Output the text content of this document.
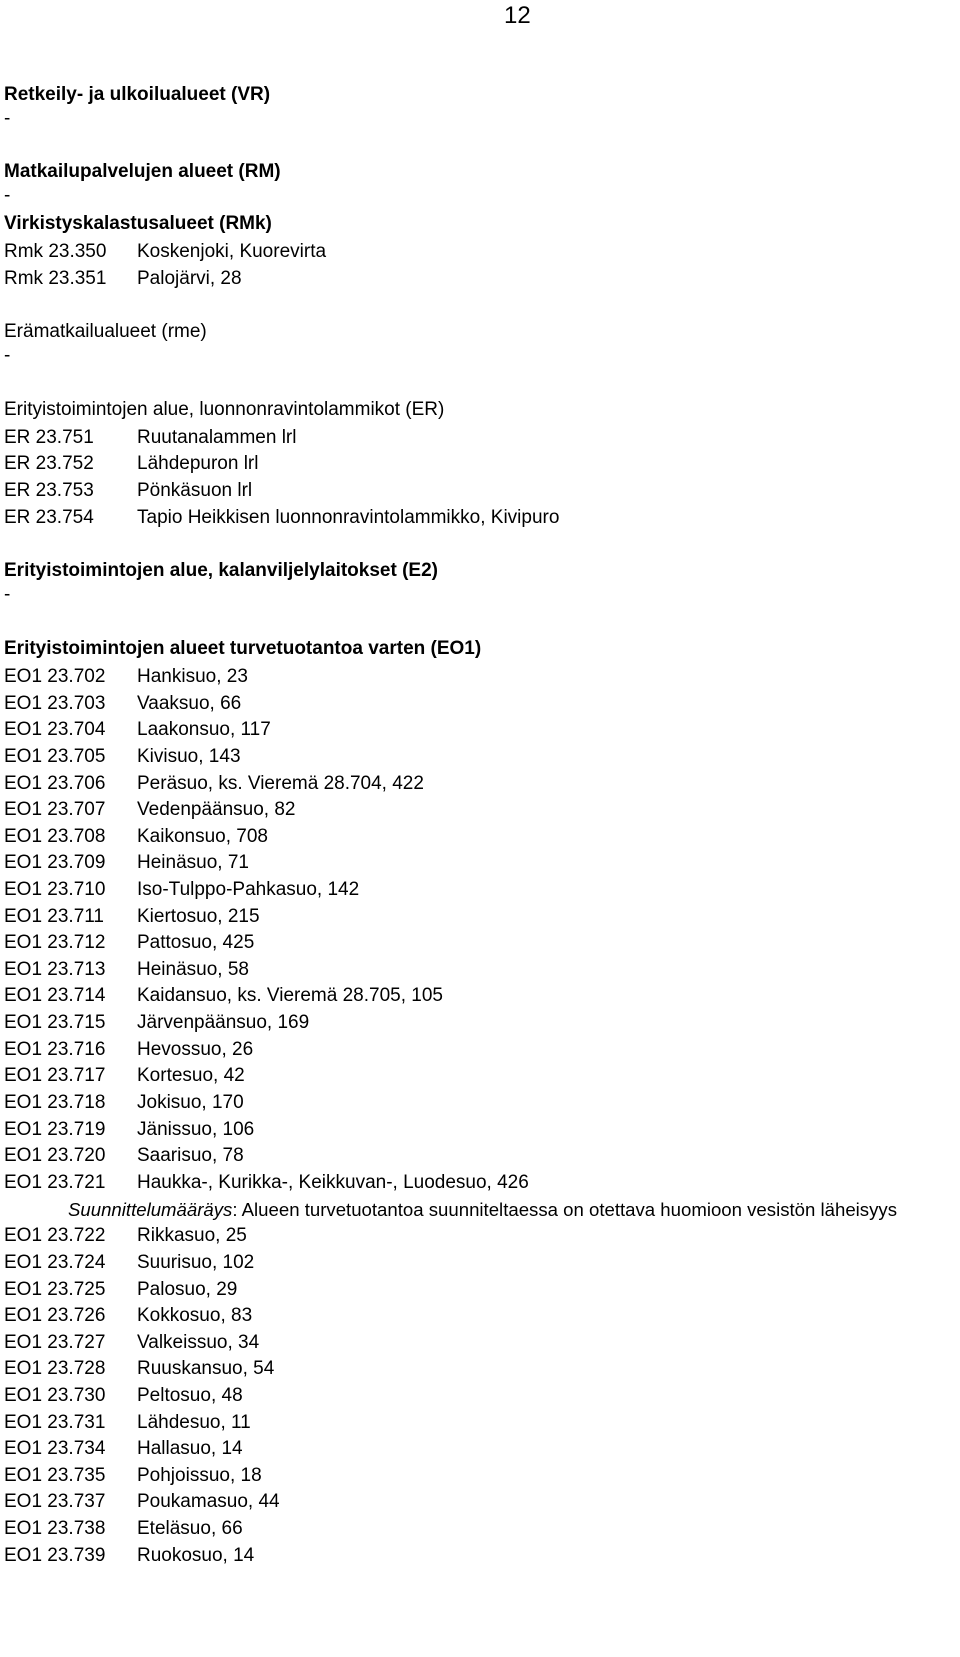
12
Retkeily- ja ulkoilualueet (VR)
-
Matkailupalvelujen alueet (RM)
-
Virkistyskalastusalueet (RMk)
Rmk 23.350 Koskenjoki, Kuorevirta
Rmk 23.351 Palojärvi, 28
Erämatkailualueet (rme)
-
Erityistoimintojen alue, luonnonravintolammikot (ER)
ER 23.751 Ruutanalammen lrl
ER 23.752 Lähdepuron lrl
ER 23.753 Pönkäsuon lrl
ER 23.754 Tapio Heikkisen luonnonravintolammikko, Kivipuro
Erityistoimintojen alue, kalanviljelylaitokset (E2)
-
Erityistoimintojen alueet turvetuotantoa varten (EO1)
EO1 23.702 Hankisuo, 23
EO1 23.703 Vaaksuo, 66
EO1 23.704 Laakonsuo, 117
EO1 23.705 Kivisuo, 143
EO1 23.706 Peräsuo, ks. Vieremä 28.704, 422
EO1 23.707 Vedenpäänsuo, 82
EO1 23.708 Kaikonsuo, 708
EO1 23.709 Heinäsuo, 71
EO1 23.710 Iso-Tulppo-Pahkasuo, 142
EO1 23.711 Kiertosuo, 215
EO1 23.712 Pattosuo, 425
EO1 23.713 Heinäsuo, 58
EO1 23.714 Kaidansuo, ks. Vieremä 28.705, 105
EO1 23.715 Järvenpäänsuo, 169
EO1 23.716 Hevossuo, 26
EO1 23.717 Kortesuo, 42
EO1 23.718 Jokisuo, 170
EO1 23.719 Jänissuo, 106
EO1 23.720 Saarisuo, 78
EO1 23.721 Haukka-, Kurikka-, Keikkuvan-, Luodesuo, 426
Suunnittelumääräys: Alueen turvetuotantoa suunniteltaessa on otettava huomioon vesistön läheisyys
EO1 23.722 Rikkasuo, 25
EO1 23.724 Suurisuo, 102
EO1 23.725 Palosuo, 29
EO1 23.726 Kokkosuo, 83
EO1 23.727 Valkeissuo, 34
EO1 23.728 Ruuskansuo, 54
EO1 23.730 Peltosuo, 48
EO1 23.731 Lähdesuo, 11
EO1 23.734 Hallasuo, 14
EO1 23.735 Pohjoissuo, 18
EO1 23.737 Poukamasuo, 44
EO1 23.738 Eteläsuo, 66
EO1 23.739 Ruokosuo, 14
